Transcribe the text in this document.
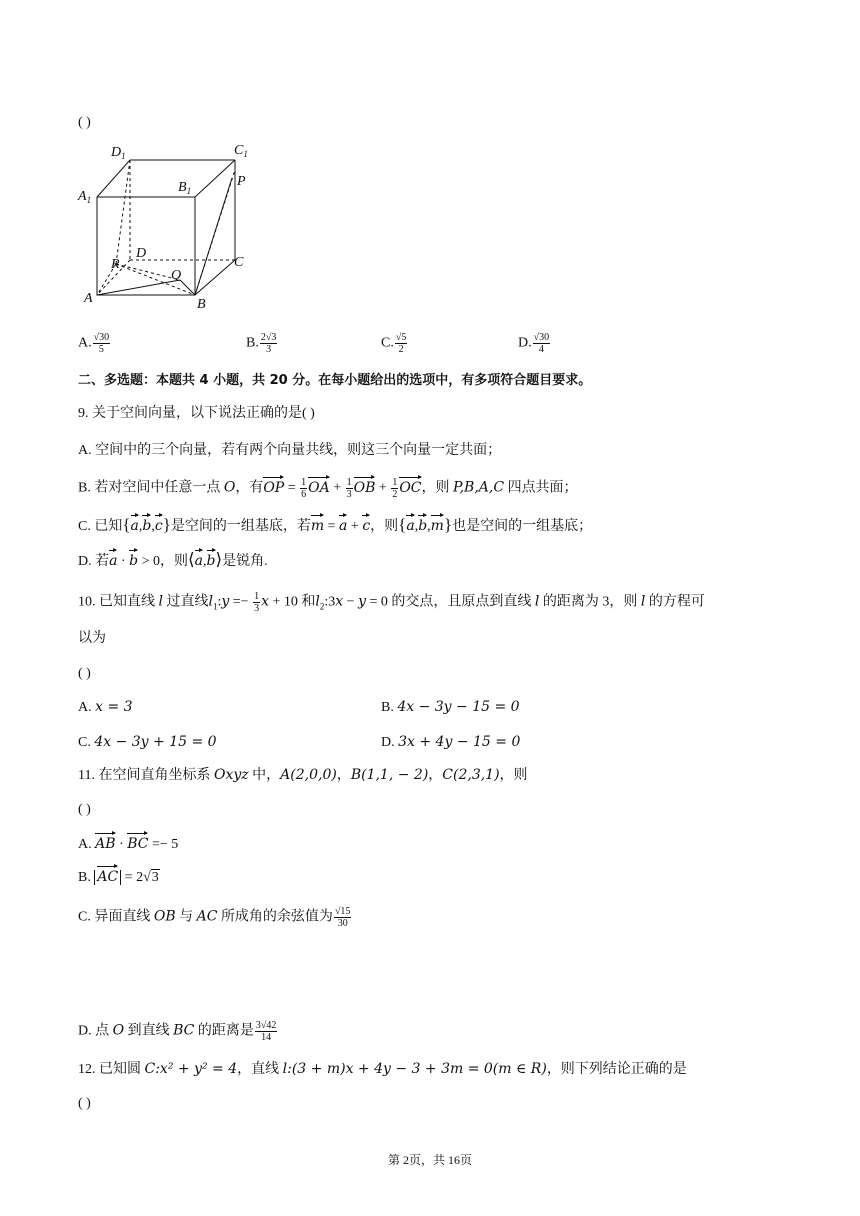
( )
$D_1$	$C_1$
$A_1$
$B_1$
P
D
R
Q
C
A	B
A. $\frac{√30}{5}$	B. $\frac{2√3}{3}$	C. $\frac{√5}{2}$	D. $\frac{√30}{4}$
二、多选题：本题共 4 小题，共 20 分。在每小题给出的选项中，有多项符合题目要求。
9. 关于空间向量，以下说法正确的是( )
A. 空间中的三个向量，若有两个向量共线，则这三个向量一定共面；
B. 若对空间中任意一点 O，有OP = $\frac{1}{6}$ OA + $\frac{1}{3}$ OB + $\frac{1}{2}$ OC，则 P,B,A,C 四点共面；
C. 已知{a,b,c}是空间的一组基底，若m = a + c，则{a,b,m}也是空间的一组基底；
D. 若a · b > 0，则⟨a,b⟩是锐角.
10. 已知直线 l 过直线$l_1:y =- \frac{1}{3}$ x + 10 和$l_2:3x - y = 0$ 的交点，且原点到直线 l 的距离为 3，则 l 的方程可
以为
( )
A. x = 3	B. 4x − 3y − 15 = 0
C. 4x − 3y + 15 = 0	D. 3x + 4y − 15 = 0
11. 在空间直角坐标系 Oxyz 中，A(2,0,0)，B(1,1, − 2)，C(2,3,1)，则
( )
A. AB · BC =− 5
B. AC = 2√3
C. 异面直线 OB 与 AC 所成角的余弦值为 $\frac{√15}{30}$
D. 点 O 到直线 BC 的距离是 $\frac{3√42}{14}$
12. 已知圆 C:x² + y² = 4，直线 l:(3 + m)x + 4y − 3 + 3m = 0(m ∈ R)，则下列结论正确的是
( )
第 2页，共 16页
